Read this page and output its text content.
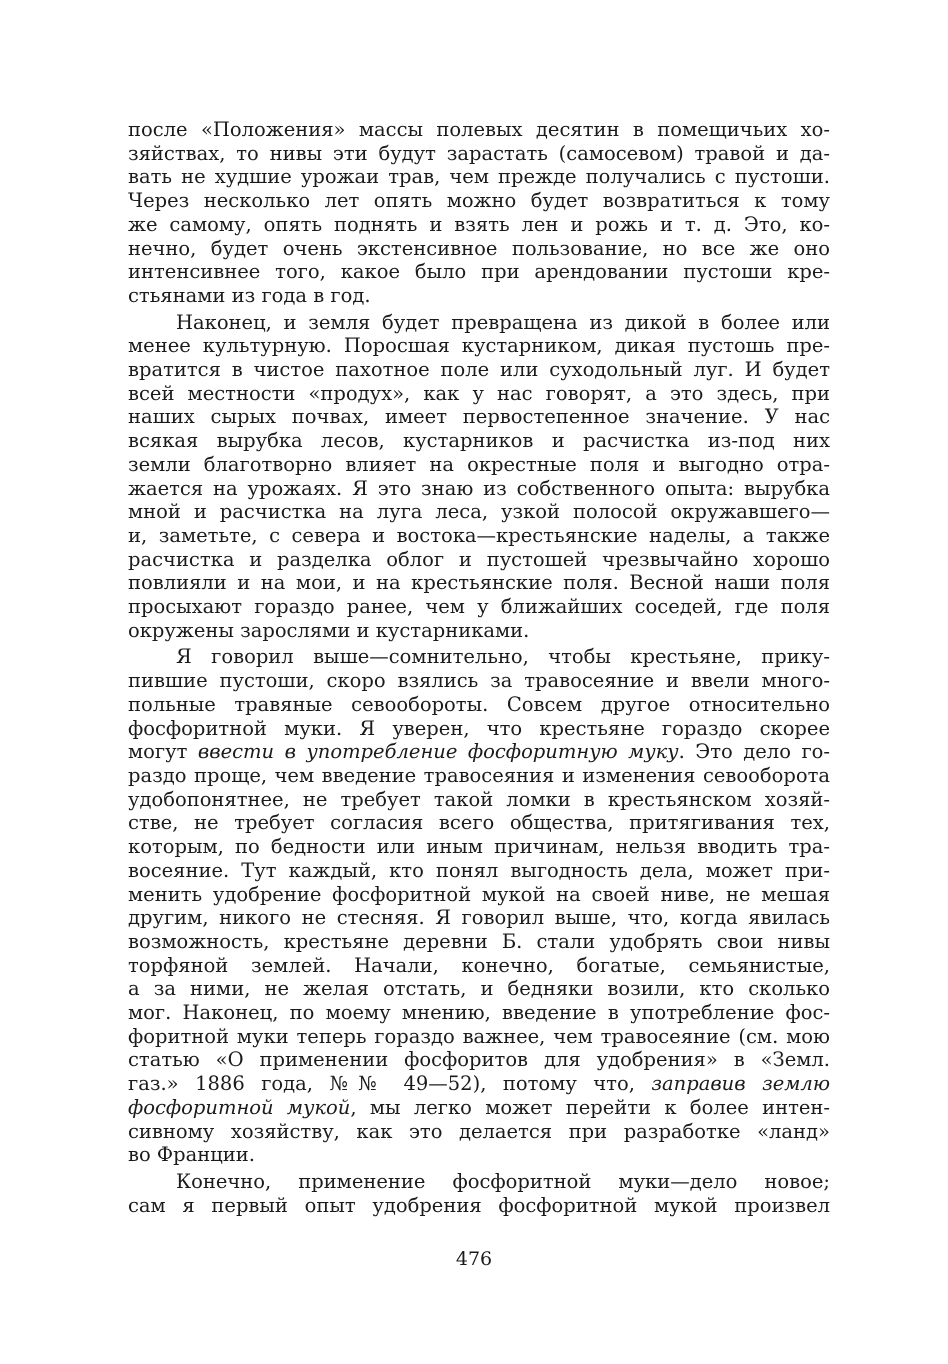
после «Положения» массы полевых десятин в помещичьих хо-
зяйствах, то нивы эти будут зарастать (самосевом) травой и да-
вать не худшие урожаи трав, чем прежде получались с пустоши.
Через несколько лет опять можно будет возвратиться к тому
же самому, опять поднять и взять лен и рожь и т. д. Это, ко-
нечно, будет очень экстенсивное пользование, но все же оно
интенсивнее того, какое было при арендовании пустоши кре-
стьянами из года в год.
Наконец, и земля будет превращена из дикой в более или
менее культурную. Поросшая кустарником, дикая пустошь пре-
вратится в чистое пахотное поле или суходольный луг. И будет
всей местности «продух», как у нас говорят, а это здесь, при
наших сырых почвах, имеет первостепенное значение. У нас
всякая вырубка лесов, кустарников и расчистка из-под них
земли благотворно влияет на окрестные поля и выгодно отра-
жается на урожаях. Я это знаю из собственного опыта: вырубка
мной и расчистка на луга леса, узкой полосой окружавшего—
и, заметьте, с севера и востока—крестьянские наделы, а также
расчистка и разделка облог и пустошей чрезвычайно хорошо
повлияли и на мои, и на крестьянские поля. Весной наши поля
просыхают гораздо ранее, чем у ближайших соседей, где поля
окружены зарослями и кустарниками.
Я говорил выше—сомнительно, чтобы крестьяне, прику-
пившие пустоши, скоро взялись за травосеяние и ввели много-
польные травяные севообороты. Совсем другое относительно
фосфоритной муки. Я уверен, что крестьяне гораздо скорее
могут ввести в употребление фосфоритную муку. Это дело го-
раздо проще, чем введение травосеяния и изменения севооборота
удобопонятнее, не требует такой ломки в крестьянском хозяй-
стве, не требует согласия всего общества, притягивания тех,
которым, по бедности или иным причинам, нельзя вводить тра-
восеяние. Тут каждый, кто понял выгодность дела, может при-
менить удобрение фосфоритной мукой на своей ниве, не мешая
другим, никого не стесняя. Я говорил выше, что, когда явилась
возможность, крестьяне деревни Б. стали удобрять свои нивы
торфяной землей. Начали, конечно, богатые, семьянистые,
а за ними, не желая отстать, и бедняки возили, кто сколько
мог. Наконец, по моему мнению, введение в употребление фос-
форитной муки теперь гораздо важнее, чем травосеяние (см. мою
статью «О применении фосфоритов для удобрения» в «Земл.
газ.» 1886 года, №№ 49—52), потому что, заправив землю
фосфоритной мукой, мы легко может перейти к более интен-
сивному хозяйству, как это делается при разработке «ланд»
во Франции.
Конечно, применение фосфоритной муки—дело новое;
сам я первый опыт удобрения фосфоритной мукой произвел
476
